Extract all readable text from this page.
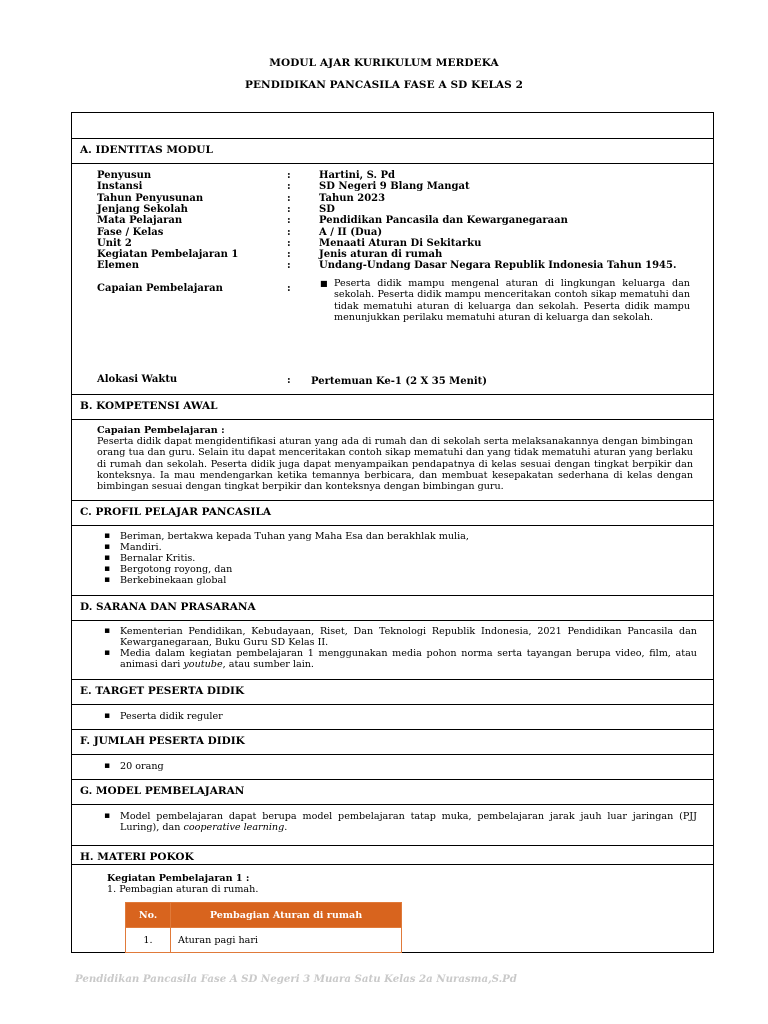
MODUL AJAR KURIKULUM MERDEKA
PENDIDIKAN PANCASILA FASE A SD KELAS 2
A. IDENTITAS MODUL
Penyusun	:	Hartini, S. Pd
Instansi	:	SD Negeri 9 Blang Mangat
Tahun Penyusunan	:	Tahun 2023
Jenjang Sekolah	:	SD
Mata Pelajaran	:	Pendidikan Pancasila dan Kewarganegaraan
Fase / Kelas	:	A / II (Dua)
Unit 2	:	Menaati Aturan Di Sekitarku
Kegiatan Pembelajaran 1	:	Jenis aturan di rumah
Elemen	:	Undang-Undang Dasar Negara Republik Indonesia Tahun 1945.
Capaian Pembelajaran	:	■ Peserta didik mampu mengenal aturan di lingkungan keluarga dan sekolah. Peserta didik mampu menceritakan contoh sikap mematuhi dan tidak mematuhi aturan di keluarga dan sekolah. Peserta didik mampu menunjukkan perilaku mematuhi aturan di keluarga dan sekolah.
Alokasi Waktu	: Pertemuan Ke-1 (2 X 35 Menit)
B. KOMPETENSI AWAL
Capaian Pembelajaran :
Peserta didik dapat mengidentifikasi aturan yang ada di rumah dan di sekolah serta melaksanakannya dengan bimbingan orang tua dan guru. Selain itu dapat menceritakan contoh sikap mematuhi dan yang tidak mematuhi aturan yang berlaku di rumah dan sekolah. Peserta didik juga dapat menyampaikan pendapatnya di kelas sesuai dengan tingkat berpikir dan konteksnya. Ia mau mendengarkan ketika temannya berbicara, dan membuat kesepakatan sederhana di kelas dengan bimbingan sesuai dengan tingkat berpikir dan konteksnya dengan bimbingan guru.
C. PROFIL PELAJAR PANCASILA
▪ Beriman, bertakwa kepada Tuhan yang Maha Esa dan berakhlak mulia,
▪ Mandiri.
▪ Bernalar Kritis.
▪ Bergotong royong, dan
▪ Berkebinekaan global
D. SARANA DAN PRASARANA
▪ Kementerian Pendidikan, Kebudayaan, Riset, Dan Teknologi Republik Indonesia, 2021 Pendidikan Pancasila dan Kewarganegaraan, Buku Guru SD Kelas II.
▪ Media dalam kegiatan pembelajaran 1 menggunakan media pohon norma serta tayangan berupa video, film, atau animasi dari youtube, atau sumber lain.
E. TARGET PESERTA DIDIK
▪ Peserta didik reguler
F. JUMLAH PESERTA DIDIK
▪ 20 orang
G. MODEL PEMBELAJARAN
▪ Model pembelajaran dapat berupa model pembelajaran tatap muka, pembelajaran jarak jauh luar jaringan (PJJ Luring), dan cooperative learning.
H. MATERI POKOK
Kegiatan Pembelajaran 1 :
1. Pembagian aturan di rumah.
No.	Pembagian Aturan di rumah
1.	Aturan pagi hari
Pendidikan Pancasila Fase A SD Negeri 3 Muara Satu Kelas 2a Nurasma,S.Pd
